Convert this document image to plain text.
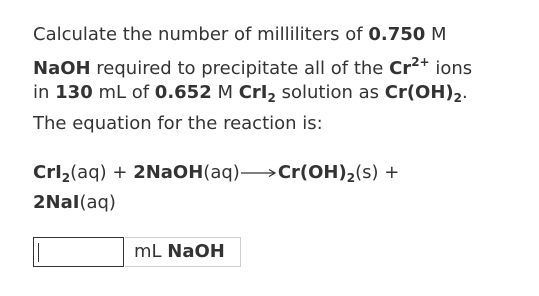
Calculate the number of milliliters of 0.750 M
NaOH required to precipitate all of the $Cr^{2+}$ ions
in 130 mL of 0.652 M CrI$_2$ solution as $Cr(OH)_2$.
The equation for the reaction is:
$CrI_2(aq) + 2NaOH(aq)\to Cr(OH)_2(s)$ +
2NaI(aq)
mL NaOH
